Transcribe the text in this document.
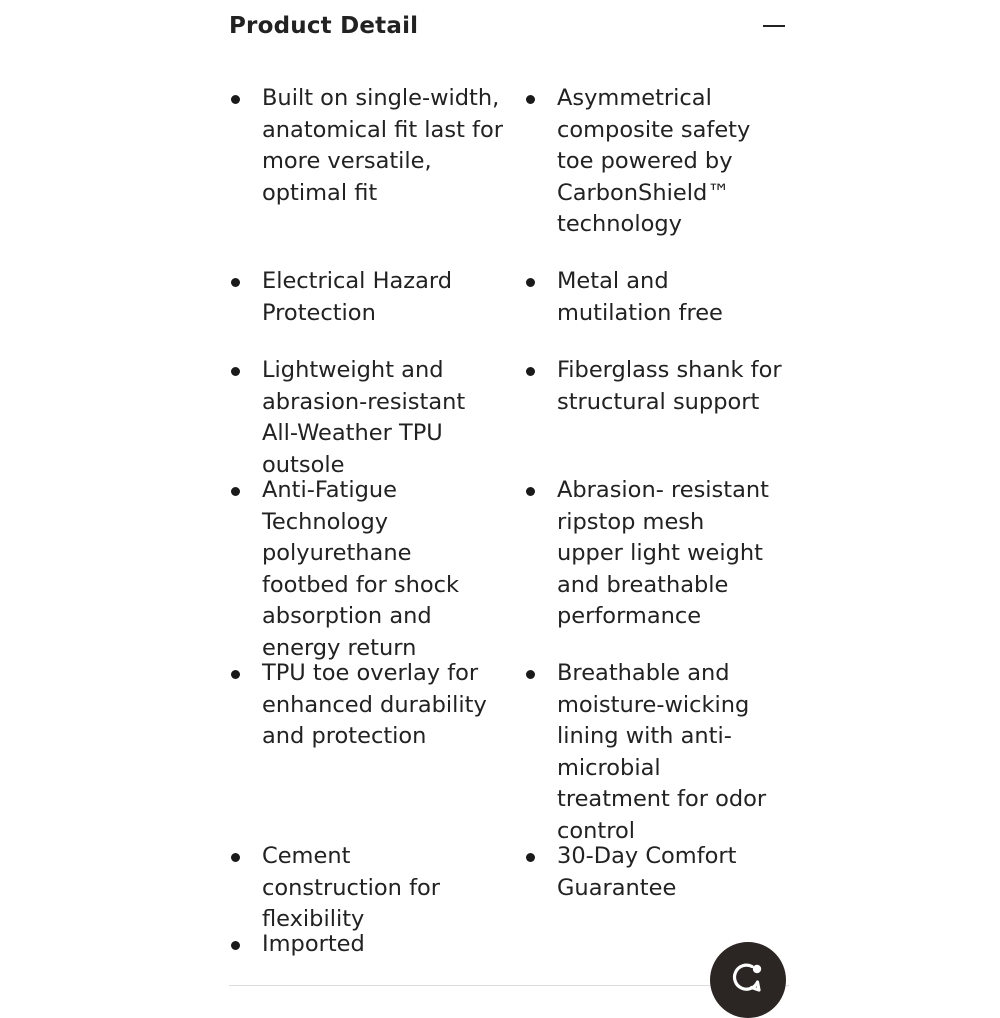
Product Detail
Built on single-width, anatomical fit last for more versatile, optimal fit
Asymmetrical composite safety toe powered by CarbonShield™ technology
Electrical Hazard Protection
Metal and mutilation free
Lightweight and abrasion-resistant All-Weather TPU outsole
Fiberglass shank for structural support
Anti-Fatigue Technology polyurethane footbed for shock absorption and energy return
Abrasion- resistant ripstop mesh upper light weight and breathable performance
TPU toe overlay for enhanced durability and protection
Breathable and moisture-wicking lining with anti-microbial treatment for odor control
Cement construction for flexibility
30-Day Comfort Guarantee
Imported
